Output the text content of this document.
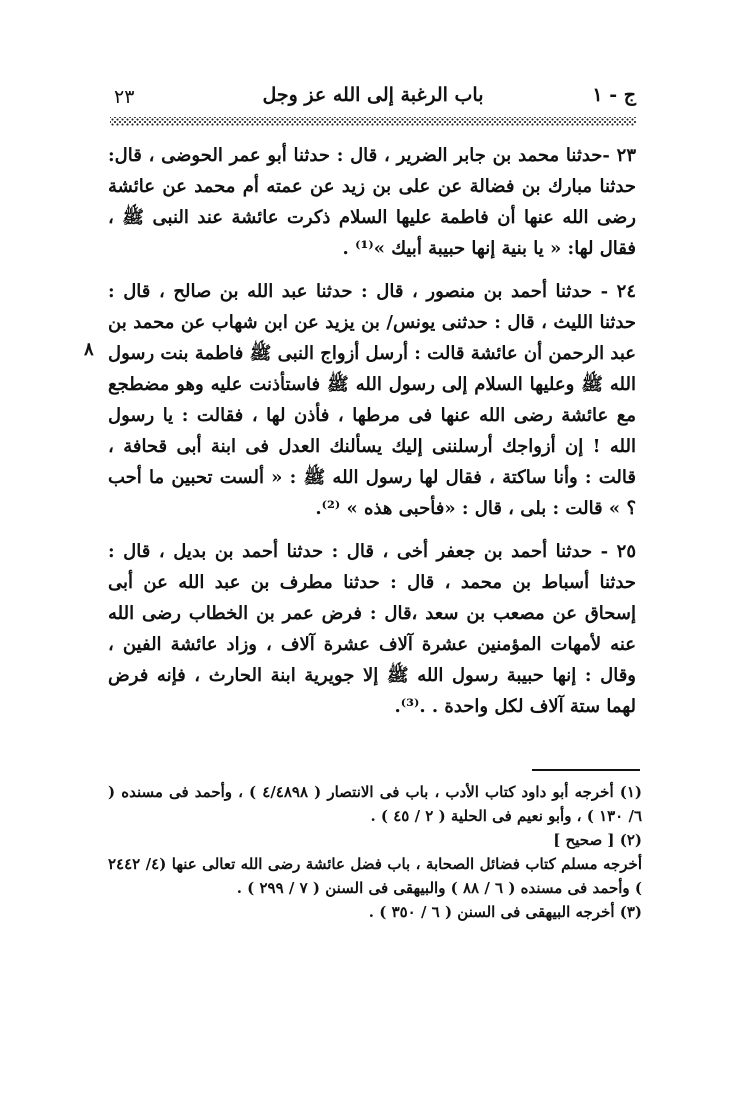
ج - ١
باب الرغبة إلى الله عز وجل
٢٣

٢٣ -حدثنا محمد بن جابر الضرير ، قال : حدثنا أبو عمر الحوضى ، قال: حدثنا مبارك بن فضالة عن على بن زيد عن عمته أم محمد عن عائشة رضى الله عنها أن فاطمة عليها السلام ذكرت عائشة عند النبى ﷺ ، فقال لها: « يا بنية إنها حبيبة أبيك »⁽¹⁾ .

٢٤ - حدثنا أحمد بن منصور ، قال : حدثنا عبد الله بن صالح ، قال : حدثنا الليث ، قال : حدثنى يونس/ بن يزيد عن ابن شهاب عن محمد بن عبد الرحمن أن عائشة قالت : أرسل أزواج النبى ﷺ فاطمة بنت رسول الله ﷺ وعليها السلام إلى رسول الله ﷺ فاستأذنت عليه وهو مضطجع مع عائشة رضى الله عنها فى مرطها ، فأذن لها ، فقالت : يا رسول الله ! إن أزواجك أرسلننى إليك يسألنك العدل فى ابنة أبى قحافة ، قالت : وأنا ساكتة ، فقال لها رسول الله ﷺ : « ألست تحبين ما أحب ؟ » قالت : بلى ، قال : «فأحبى هذه » ⁽²⁾.

٢٥ - حدثنا أحمد بن جعفر أخى ، قال : حدثنا أحمد بن بديل ، قال : حدثنا أسباط بن محمد ، قال : حدثنا مطرف بن عبد الله عن أبى إسحاق عن مصعب بن سعد ،قال : فرض عمر بن الخطاب رضى الله عنه لأمهات المؤمنين عشرة آلاف عشرة آلاف ، وزاد عائشة الفين ، وقال : إنها حبيبة رسول الله ﷺ إلا جويرية ابنة الحارث ، فإنه فرض لهما ستة آلاف لكل واحدة . .⁽³⁾.

٨

(١) أخرجه أبو داود كتاب الأدب ، باب فى الانتصار ( ٤/٤٨٩٨ ) ، وأحمد فى مسنده ( ٦/ ١٣٠ ) ، وأبو نعيم فى الحلية ( ٢ / ٤٥ ) .

(٢) [ صحيح ]

أخرجه مسلم كتاب فضائل الصحابة ، باب فضل عائشة رضى الله تعالى عنها (٤/ ٢٤٤٢ ) وأحمد فى مسنده ( ٦ / ٨٨ ) والبيهقى فى السنن ( ٧ / ٢٩٩ ) .

(٣) أخرجه البيهقى فى السنن ( ٦ / ٣٥٠ ) .
